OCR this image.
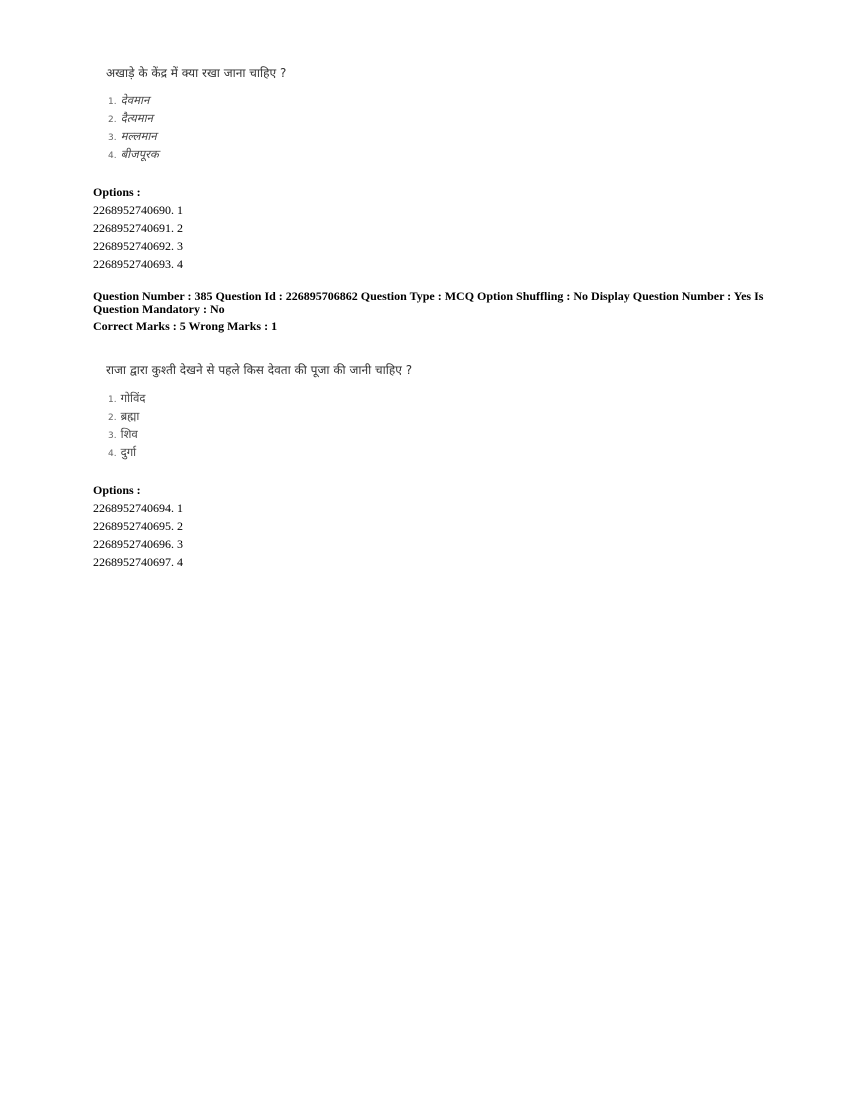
अखाड़े के केंद्र में क्या रखा जाना चाहिए ?
1. देवमान
2. दैत्यमान
3. मल्लमान
4. बीजपूरक
Options :
2268952740690. 1
2268952740691. 2
2268952740692. 3
2268952740693. 4
Question Number : 385 Question Id : 226895706862 Question Type : MCQ Option Shuffling : No Display Question Number : Yes Is
Question Mandatory : No
Correct Marks : 5 Wrong Marks : 1
राजा द्वारा कुश्ती देखने से पहले किस देवता की पूजा की जानी चाहिए ?
1. गोविंद
2. ब्रह्मा
3. शिव
4. दुर्गा
Options :
2268952740694. 1
2268952740695. 2
2268952740696. 3
2268952740697. 4
